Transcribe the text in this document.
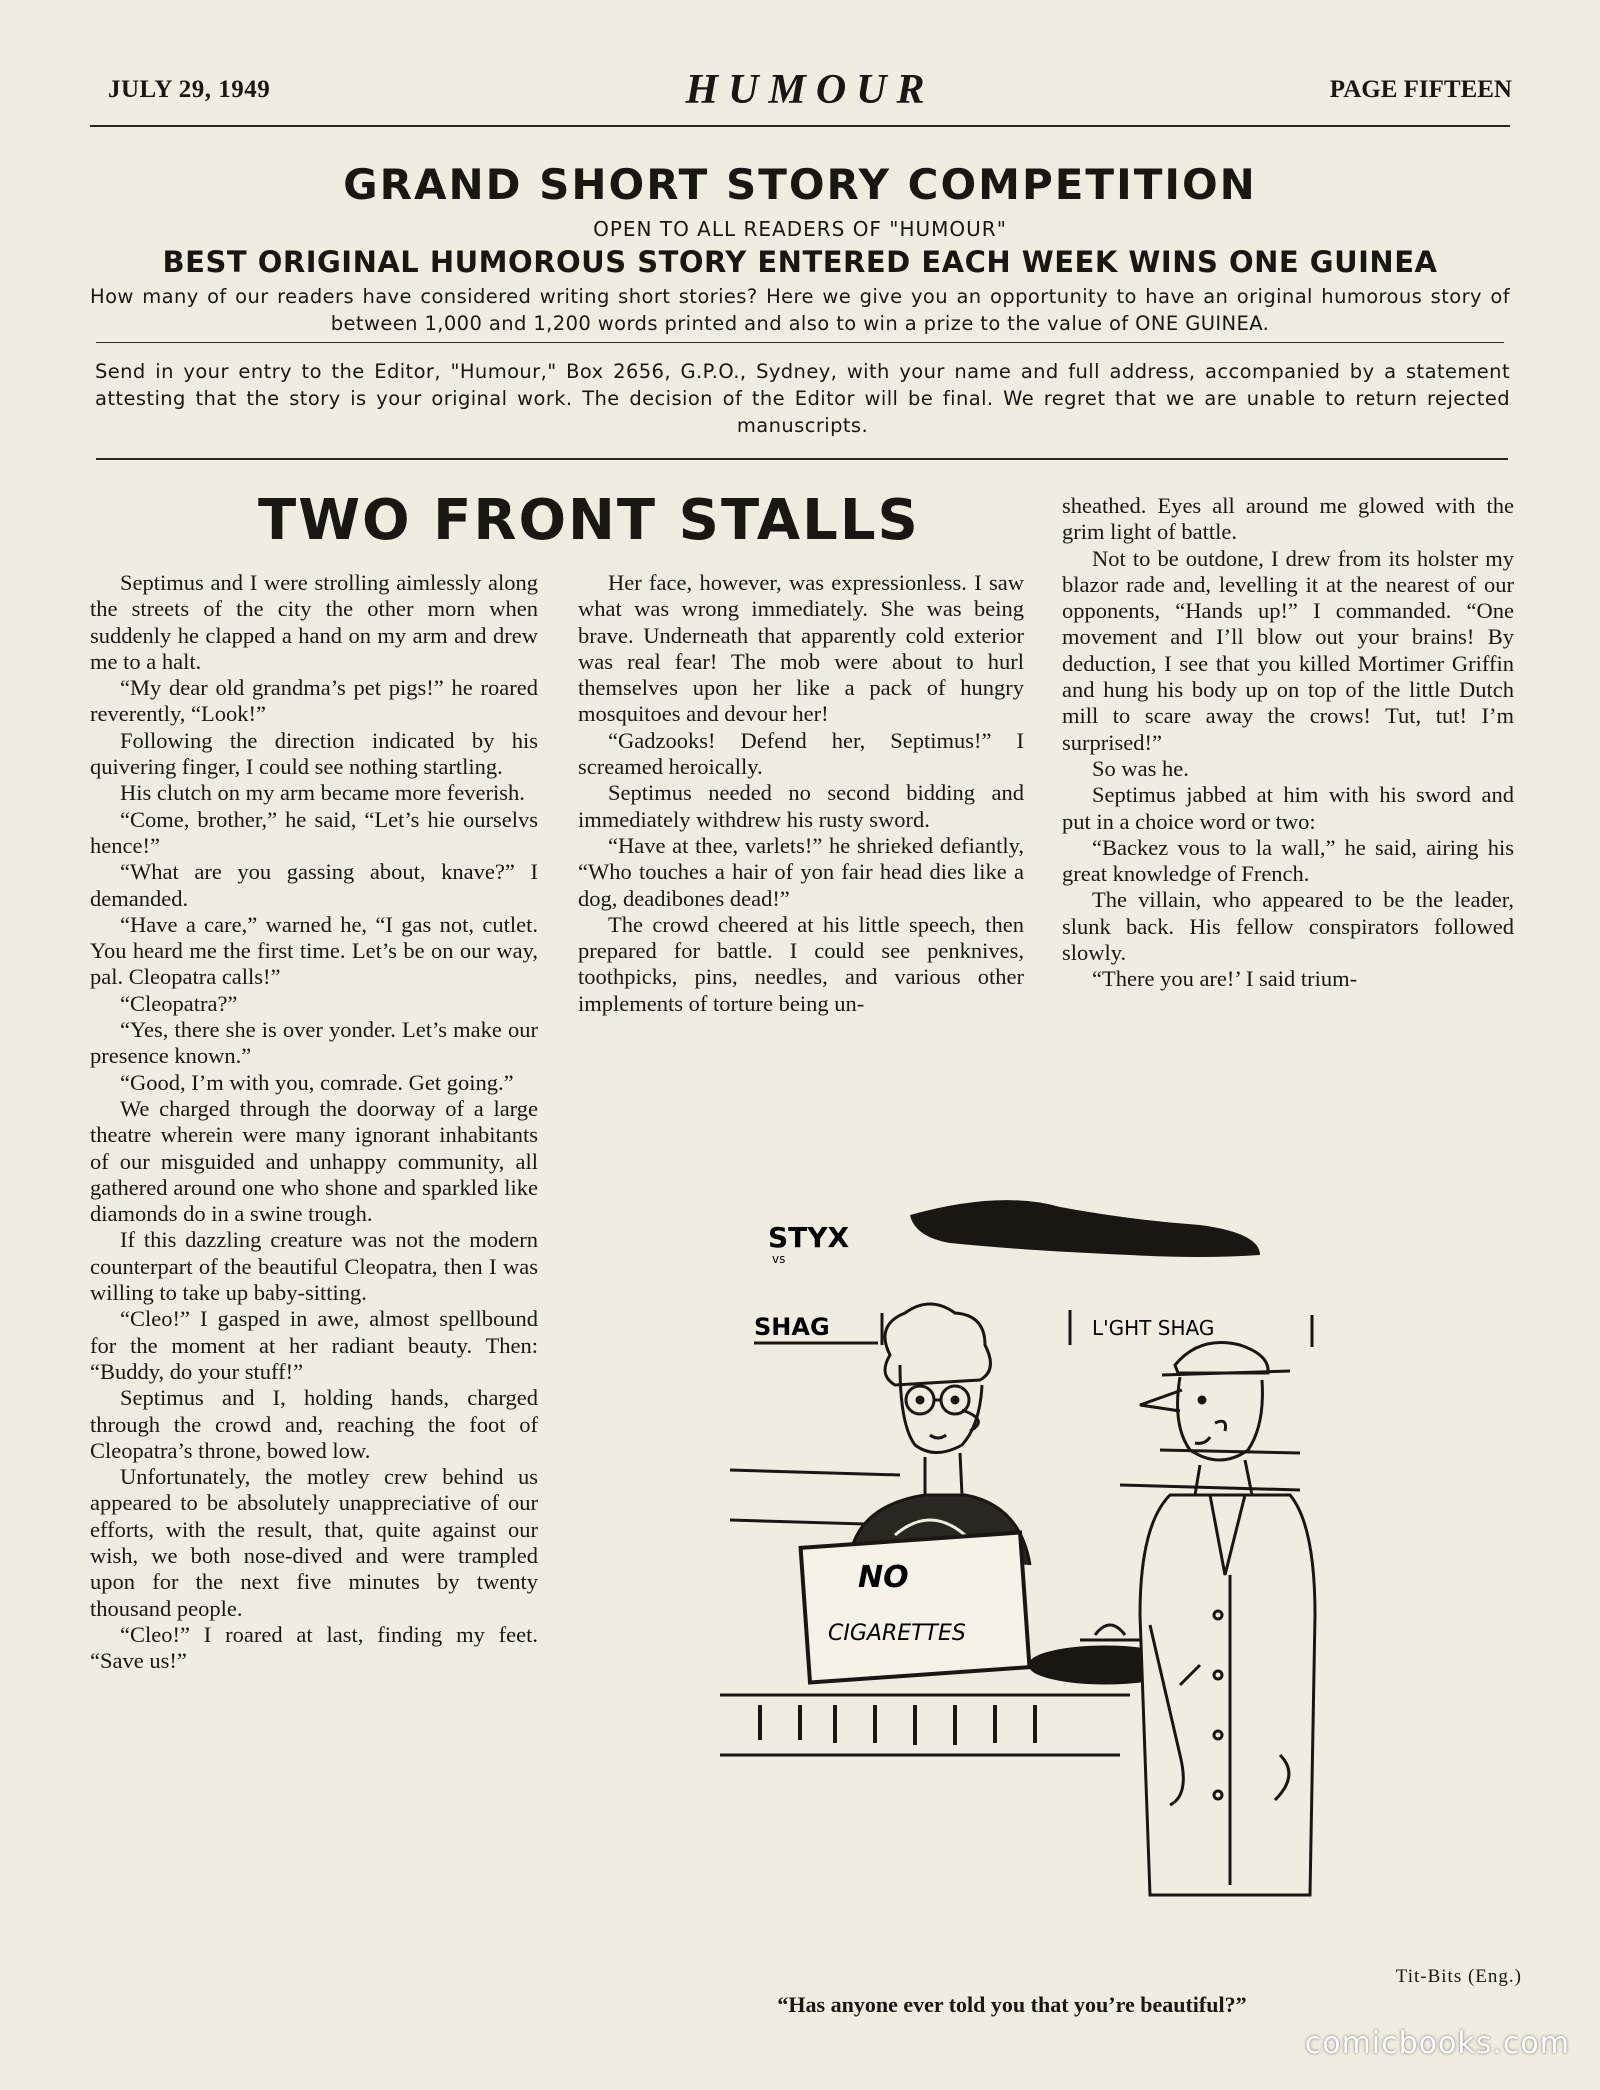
JULY 29, 1949	HUMOUR	PAGE FIFTEEN
GRAND SHORT STORY COMPETITION
OPEN TO ALL READERS OF "HUMOUR"
BEST ORIGINAL HUMOROUS STORY ENTERED EACH WEEK WINS ONE GUINEA
How many of our readers have considered writing short stories? Here we give you an opportunity to have an original humorous story of between 1,000 and 1,200 words printed and also to win a prize to the value of ONE GUINEA.
Send in your entry to the Editor, "Humour," Box 2656, G.P.O., Sydney, with your name and full address, accompanied by a statement attesting that the story is your original work. The decision of the Editor will be final. We regret that we are unable to return rejected manuscripts.
TWO FRONT STALLS

Septimus and I were strolling aimlessly along the streets of the city the other morn when suddenly he clapped a hand on my arm and drew me to a halt.

“My dear old grandma’s pet pigs!” he roared reverently, “Look!”

Following the direction indicated by his quivering finger, I could see nothing startling.

His clutch on my arm became more feverish.

“Come, brother,” he said, “Let’s hie ourselvs hence!”

“What are you gassing about, knave?” I demanded.

“Have a care,” warned he, “I gas not, cutlet. You heard me the first time. Let’s be on our way, pal. Cleopatra calls!”

“Cleopatra?”

“Yes, there she is over yonder. Let’s make our presence known.”

“Good, I’m with you, comrade. Get going.”

We charged through the doorway of a large theatre wherein were many ignorant inhabitants of our misguided and unhappy community, all gathered around one who shone and sparkled like diamonds do in a swine trough.

If this dazzling creature was not the modern counterpart of the beautiful Cleopatra, then I was willing to take up baby-sitting.

“Cleo!” I gasped in awe, almost spellbound for the moment at her radiant beauty. Then: “Buddy, do your stuff!”

Septimus and I, holding hands, charged through the crowd and, reaching the foot of Cleopatra’s throne, bowed low.

Unfortunately, the motley crew behind us appeared to be absolutely unappreciative of our efforts, with the result, that, quite against our wish, we both nose-dived and were trampled upon for the next five minutes by twenty thousand people.

“Cleo!” I roared at last, finding my feet. “Save us!”

Her face, however, was expressionless. I saw what was wrong immediately. She was being brave. Underneath that apparently cold exterior was real fear! The mob were about to hurl themselves upon her like a pack of hungry mosquitoes and devour her!

“Gadzooks! Defend her, Septimus!” I screamed heroically.

Septimus needed no second bidding and immediately withdrew his rusty sword.

“Have at thee, varlets!” he shrieked defiantly, “Who touches a hair of yon fair head dies like a dog, deadibones dead!”

The crowd cheered at his little speech, then prepared for battle. I could see penknives, toothpicks, pins, needles, and various other implements of torture being un-

sheathed. Eyes all around me glowed with the grim light of battle.

Not to be outdone, I drew from its holster my blazor rade and, levelling it at the nearest of our opponents, “Hands up!” I commanded. “One movement and I’ll blow out your brains! By deduction, I see that you killed Mortimer Griffin and hung his body up on top of the little Dutch mill to scare away the crows! Tut, tut! I’m surprised!”

So was he.

Septimus jabbed at him with his sword and put in a choice word or two:

“Backez vous to la wall,” he said, airing his great knowledge of French.

The villain, who appeared to be the leader, slunk back. His fellow conspirators followed slowly.

“There you are!’ I said trium-

STYX
vs
SHAG	L'GHT SHAG
NO
CIGARETTES
Tit-Bits (Eng.)
“Has anyone ever told you that you’re beautiful?”
comicbooks.com
